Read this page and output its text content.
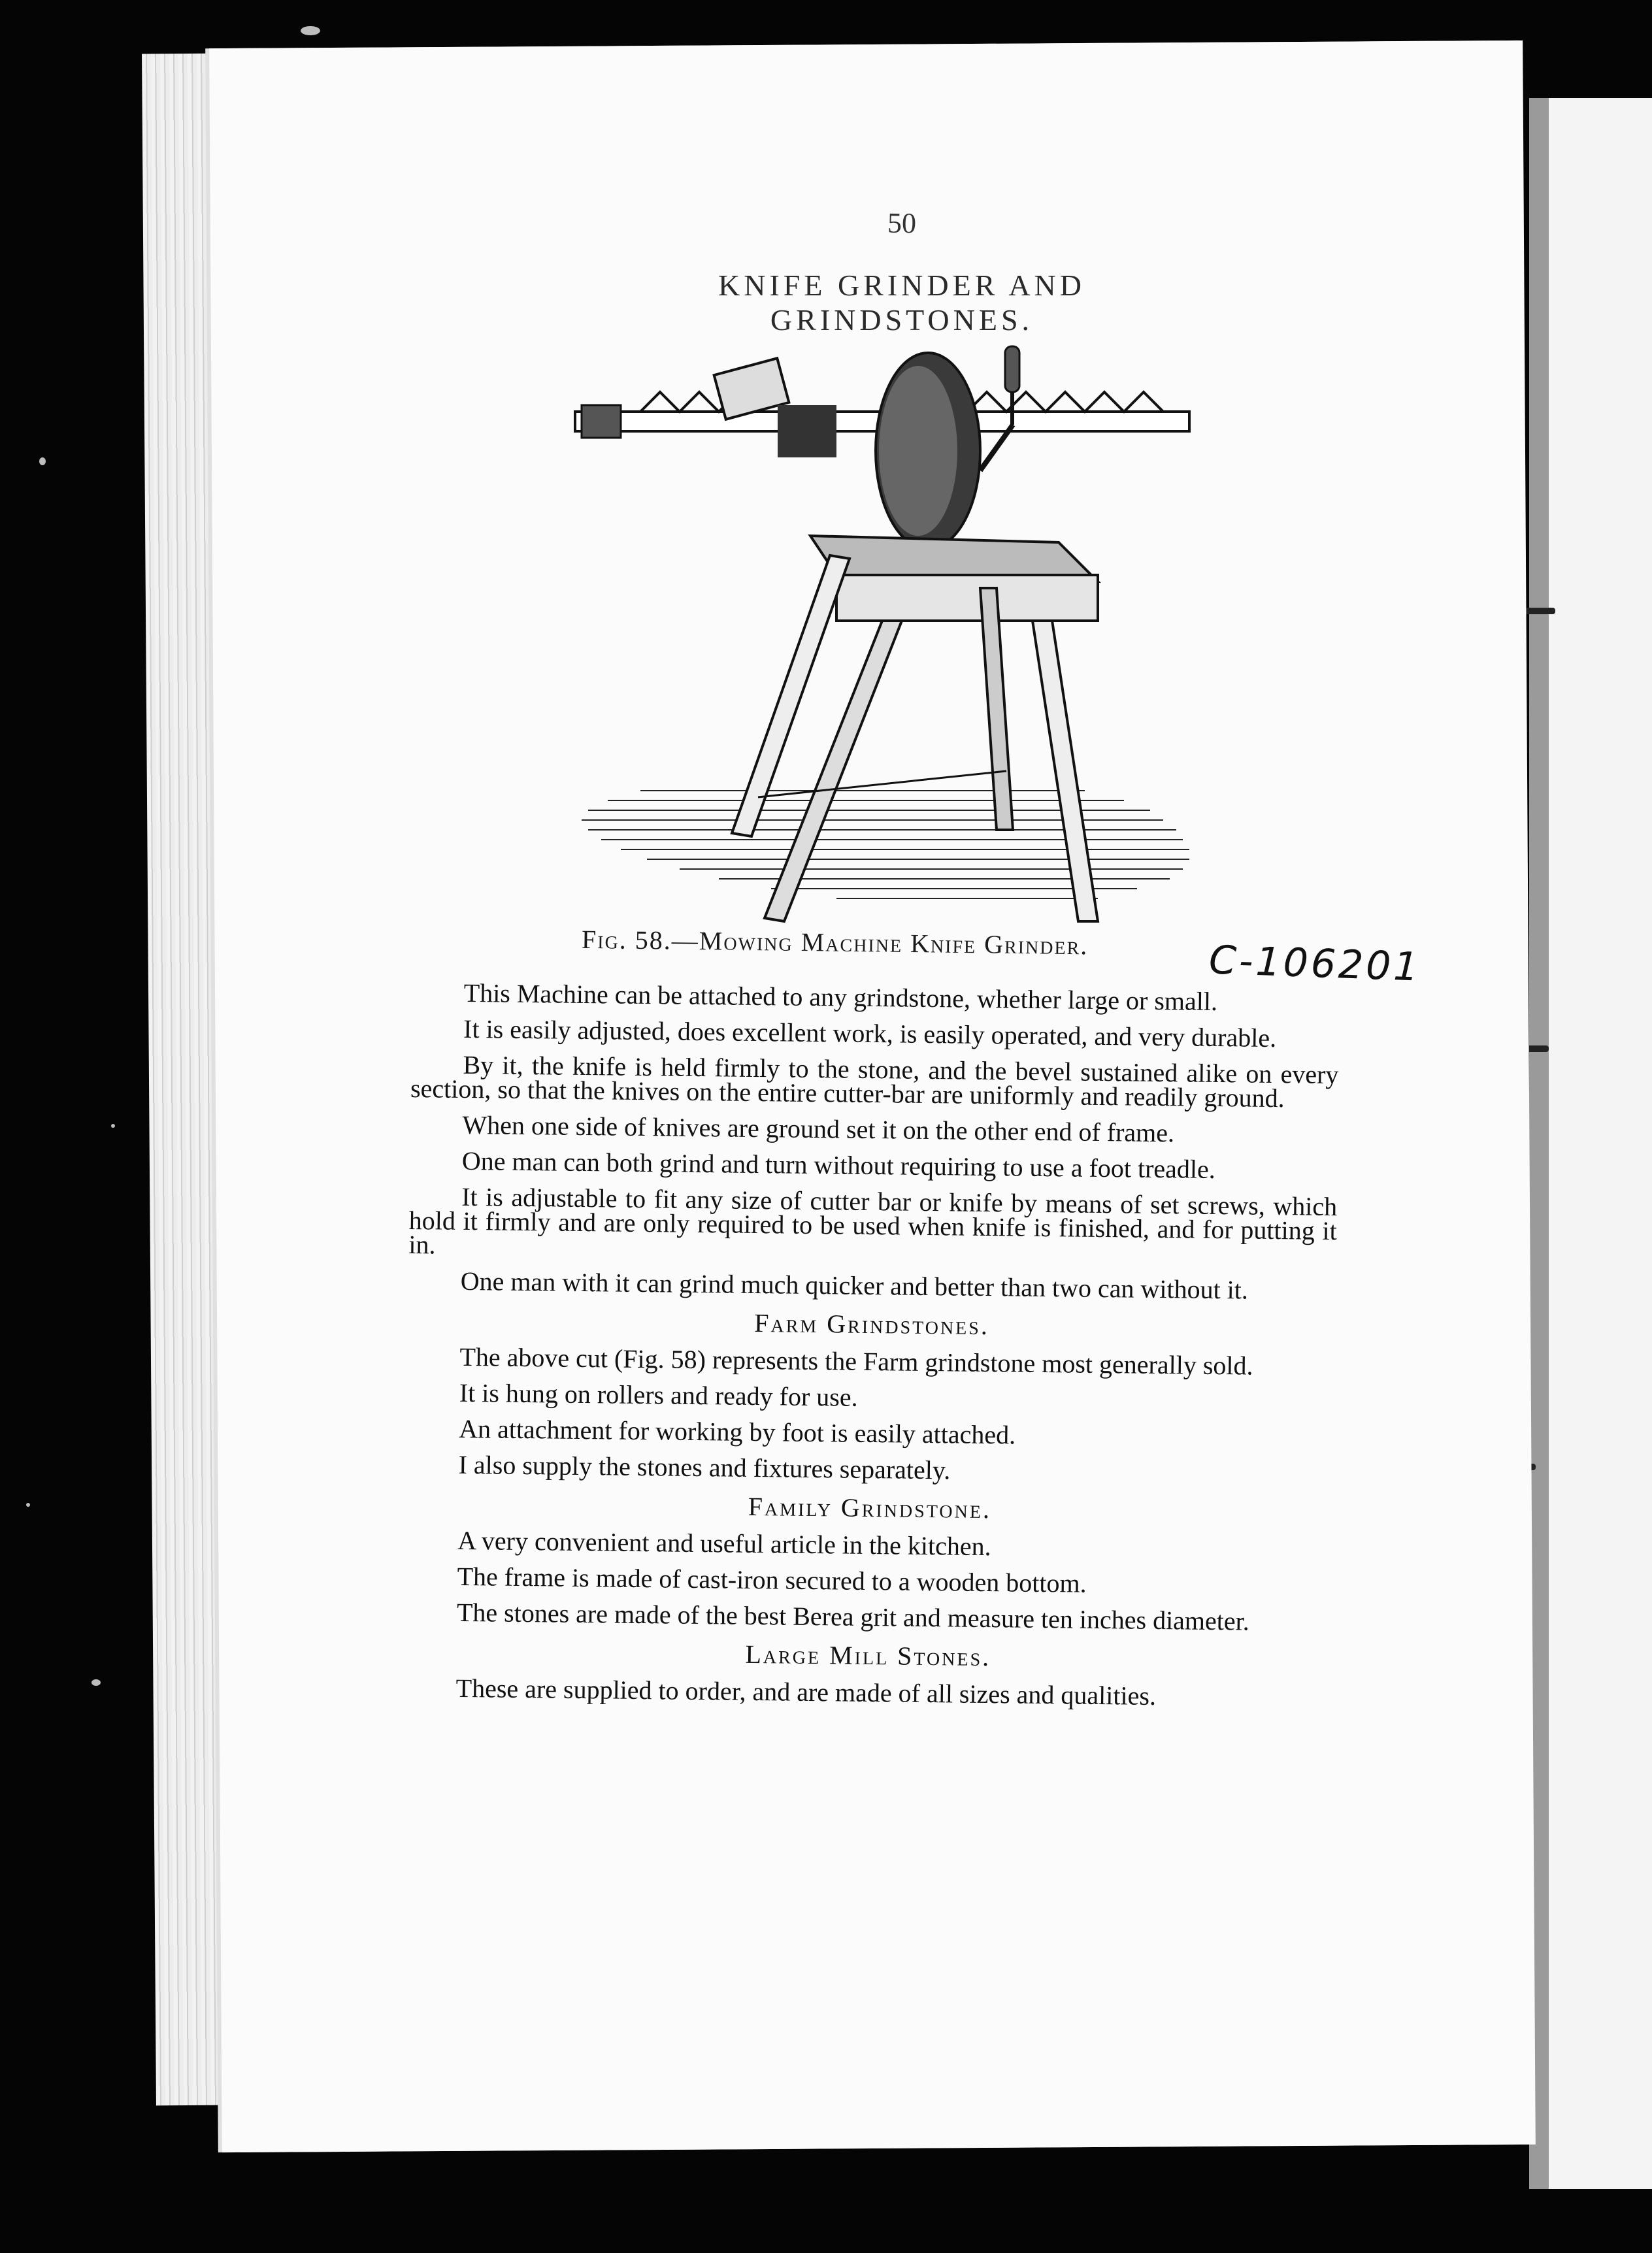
50
KNIFE GRINDER AND GRINDSTONES.
Fig. 58.—Mowing Machine Knife Grinder.	C-106201

This Machine can be attached to any grindstone, whether large or small.

It is easily adjusted, does excellent work, is easily operated, and very durable.

By it, the knife is held firmly to the stone, and the bevel sustained alike on every section, so that the knives on the entire cutter-bar are uniformly and readily ground.

When one side of knives are ground set it on the other end of frame.

One man can both grind and turn without requiring to use a foot treadle.

It is adjustable to fit any size of cutter bar or knife by means of set screws, which hold it firmly and are only required to be used when knife is finished, and for putting it in.

One man with it can grind much quicker and better than two can without it.

Farm Grindstones.

The above cut (Fig. 58) represents the Farm grindstone most generally sold.

It is hung on rollers and ready for use.

An attachment for working by foot is easily attached.

I also supply the stones and fixtures separately.

Family Grindstone.

A very convenient and useful article in the kitchen.

The frame is made of cast-iron secured to a wooden bottom.

The stones are made of the best Berea grit and measure ten inches diameter.

Large Mill Stones.

These are supplied to order, and are made of all sizes and qualities.
